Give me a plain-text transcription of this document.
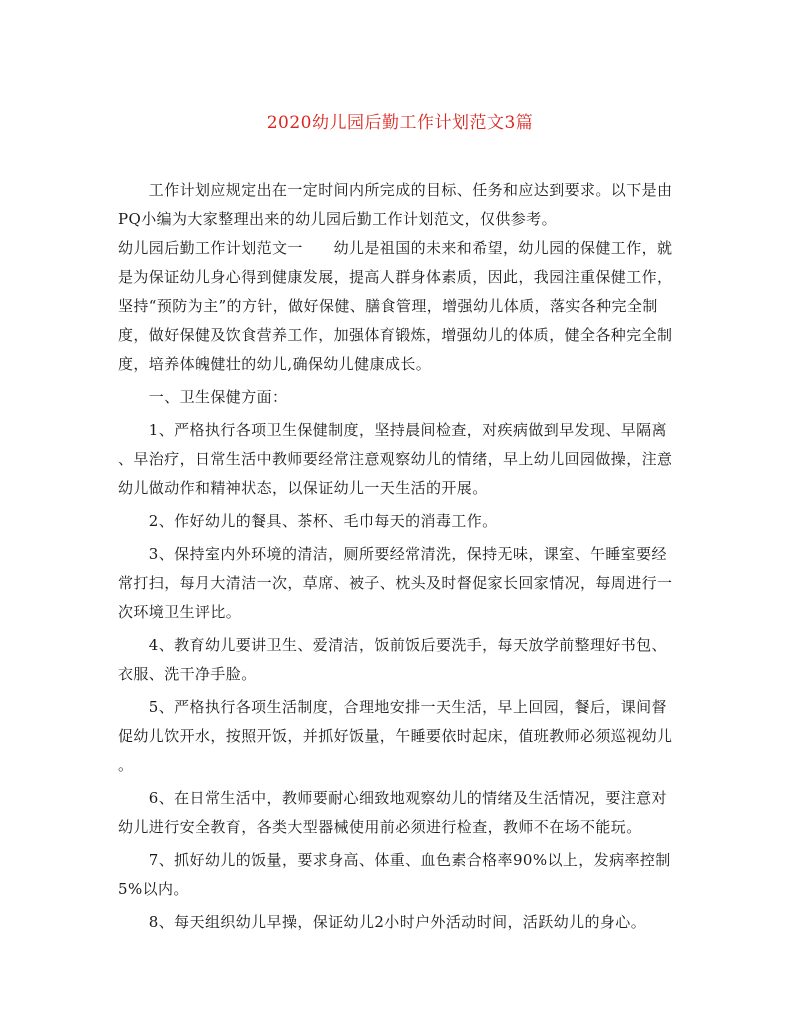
2020幼儿园后勤工作计划范文3篇
　　工作计划应规定出在一定时间内所完成的目标、任务和应达到要求。以下是由
PQ小编为大家整理出来的幼儿园后勤工作计划范文，仅供参考。
幼儿园后勤工作计划范文一　　幼儿是祖国的未来和希望，幼儿园的保健工作，就
是为保证幼儿身心得到健康发展，提高人群身体素质，因此，我园注重保健工作，
坚持“预防为主”的方针，做好保健、膳食管理，增强幼儿体质，落实各种完全制
度，做好保健及饮食营养工作，加强体育锻炼，增强幼儿的体质，健全各种完全制
度，培养体魄健壮的幼儿,确保幼儿健康成长。
　　一、卫生保健方面：
　　1、严格执行各项卫生保健制度，坚持晨间检查，对疾病做到早发现、早隔离
、早治疗，日常生活中教师要经常注意观察幼儿的情绪，早上幼儿回园做操，注意
幼儿做动作和精神状态，以保证幼儿一天生活的开展。
　　2、作好幼儿的餐具、茶杯、毛巾每天的消毒工作。
　　3、保持室内外环境的清洁，厕所要经常清洗，保持无味，课室、午睡室要经
常打扫，每月大清洁一次，草席、被子、枕头及时督促家长回家情况，每周进行一
次环境卫生评比。
　　4、教育幼儿要讲卫生、爱清洁，饭前饭后要洗手，每天放学前整理好书包、
衣服、洗干净手脸。
　　5、严格执行各项生活制度，合理地安排一天生活，早上回园，餐后，课间督
促幼儿饮开水，按照开饭，并抓好饭量，午睡要依时起床，值班教师必须巡视幼儿
。
　　6、在日常生活中，教师要耐心细致地观察幼儿的情绪及生活情况，要注意对
幼儿进行安全教育，各类大型器械使用前必须进行检查，教师不在场不能玩。
　　7、抓好幼儿的饭量，要求身高、体重、血色素合格率90%以上，发病率控制
5%以内。
　　8、每天组织幼儿早操，保证幼儿2小时户外活动时间，活跃幼儿的身心。
